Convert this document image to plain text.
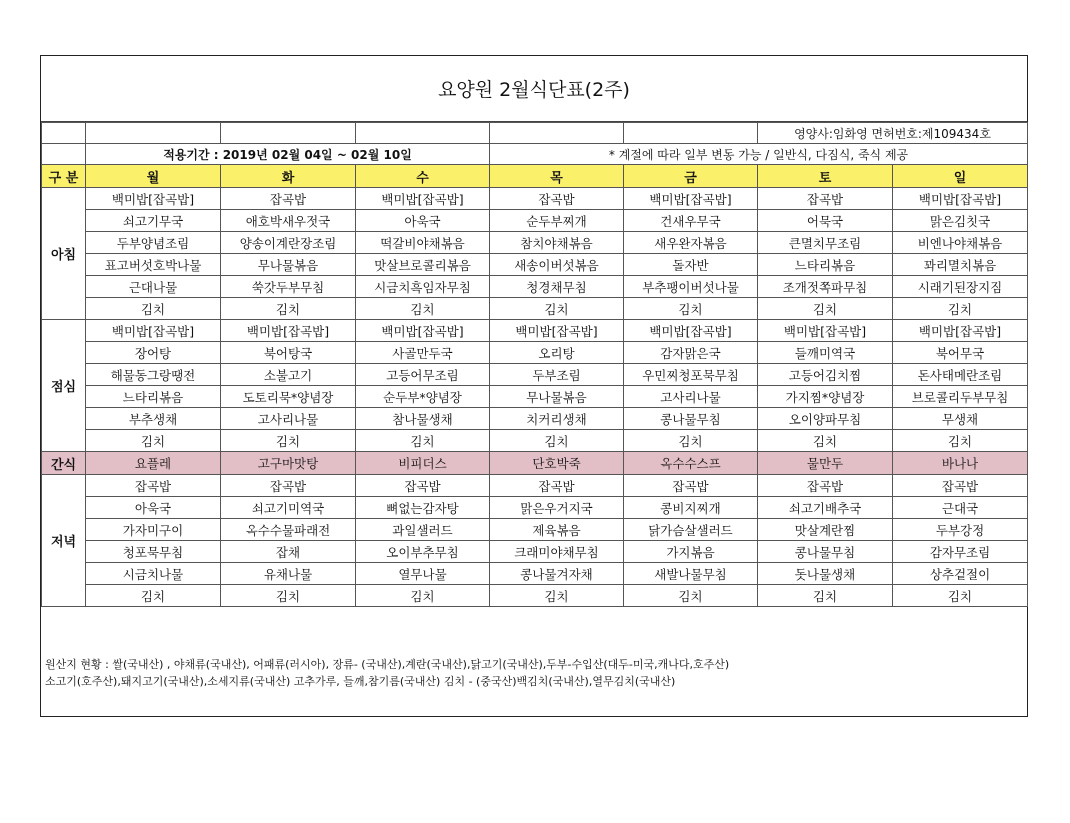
요양원 2월식단표(2주)
						영양사:임화영 면허번호:제109434호	
	적용기간 : 2019년 02월 04일 ~ 02월 10일			* 계절에 따라 일부 변동 가능 / 일반식, 다짐식, 죽식 제공			
구 분	월	화	수	목	금	토	일
아침	백미밥[잡곡밥]	잡곡밥	백미밥[잡곡밥]	잡곡밥	백미밥[잡곡밥]	잡곡밥	백미밥[잡곡밥]
	쇠고기무국	애호박새우젓국	아욱국	순두부찌개	건새우무국	어묵국	맑은김칫국
	두부양념조림	양송이계란장조림	떡갈비야채볶음	참치야채볶음	새우완자볶음	큰멸치무조림	비엔나야채볶음
	표고버섯호박나물	무나물볶음	맛살브로콜리볶음	새송이버섯볶음	돌자반	느타리볶음	꽈리멸치볶음
	근대나물	쑥갓두부무침	시금치흑임자무침	청경채무침	부추팽이버섯나물	조개젓쪽파무침	시래기된장지짐
	김치	김치	김치	김치	김치	김치	김치
점심	백미밥[잡곡밥]	백미밥[잡곡밥]	백미밥[잡곡밥]	백미밥[잡곡밥]	백미밥[잡곡밥]	백미밥[잡곡밥]	백미밥[잡곡밥]
	장어탕	북어탕국	사골만두국	오리탕	감자맑은국	들깨미역국	북어무국
	해물동그랑땡전	소불고기	고등어무조림	두부조림	우민찌청포묵무침	고등어김치찜	돈사태메란조림
	느타리볶음	도토리묵*양념장	순두부*양념장	무나물볶음	고사리나물	가지찜*양념장	브로콜리두부무침
	부추생채	고사리나물	참나물생채	치커리생채	콩나물무침	오이양파무침	무생채
	김치	김치	김치	김치	김치	김치	김치
간식	요플레	고구마맛탕	비피더스	단호박죽	옥수수스프	물만두	바나나
저녁	잡곡밥	잡곡밥	잡곡밥	잡곡밥	잡곡밥	잡곡밥	잡곡밥
	아욱국	쇠고기미역국	뼈없는감자탕	맑은우거지국	콩비지찌개	쇠고기배추국	근대국
	가자미구이	옥수수물파래전	과일샐러드	제육볶음	닭가슴살샐러드	맛살계란찜	두부강정
	청포묵무침	잡채	오이부추무침	크래미야채무침	가지볶음	콩나물무침	감자무조림
	시금치나물	유채나물	열무나물	콩나물겨자채	새발나물무침	돗나물생채	상추겉절이
	김치	김치	김치	김치	김치	김치	김치
원산지 현황 : 쌀(국내산) , 야채류(국내산), 어패류(러시아), 장류- (국내산),계란(국내산),닭고기(국내산),두부-수입산(대두-미국,캐나다,호주산)
소고기(호주산),돼지고기(국내산),소세지류(국내산) 고추가루, 들깨,참기름(국내산) 김치 - (중국산)백김치(국내산),열무김치(국내산)
